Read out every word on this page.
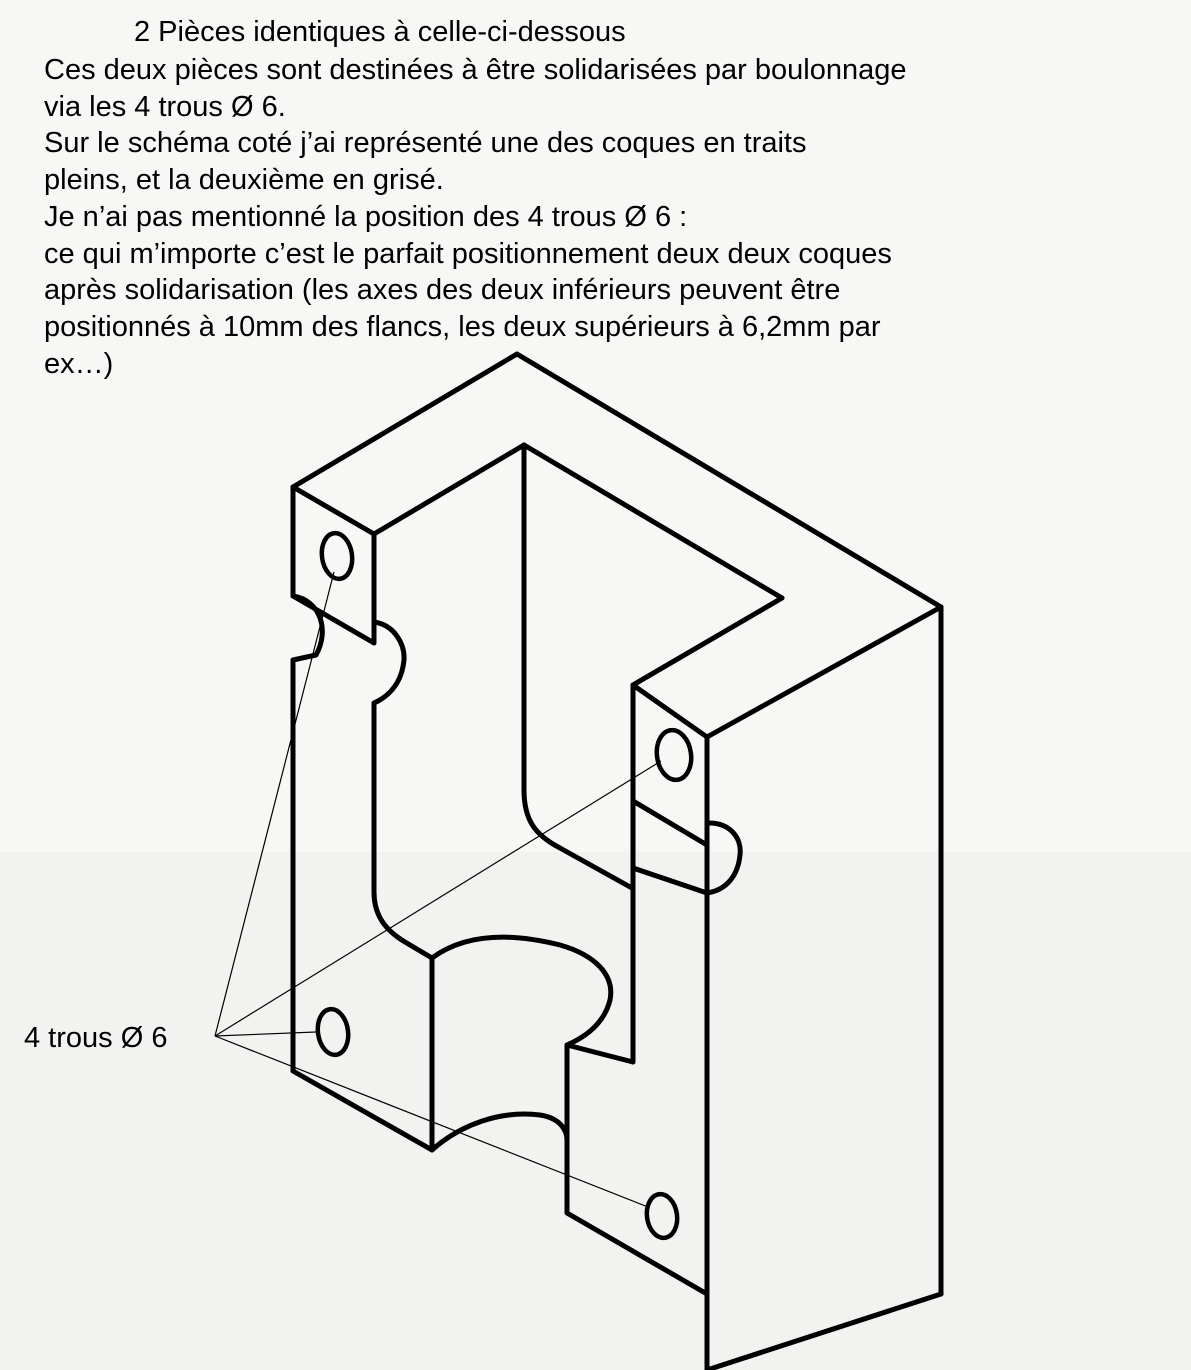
2 Pièces identiques à celle-ci-dessous
Ces deux pièces sont destinées à être solidarisées par boulonnage
via les 4 trous Ø 6.
Sur le schéma coté j’ai représenté une des coques en traits
pleins, et la deuxième en grisé.
Je n’ai pas mentionné la position des 4 trous Ø 6 :
ce qui m’importe c’est le parfait positionnement deux deux coques
après solidarisation (les axes des deux inférieurs peuvent être
positionnés à 10mm des flancs, les deux supérieurs à 6,2mm par
ex…)
4 trous Ø 6
